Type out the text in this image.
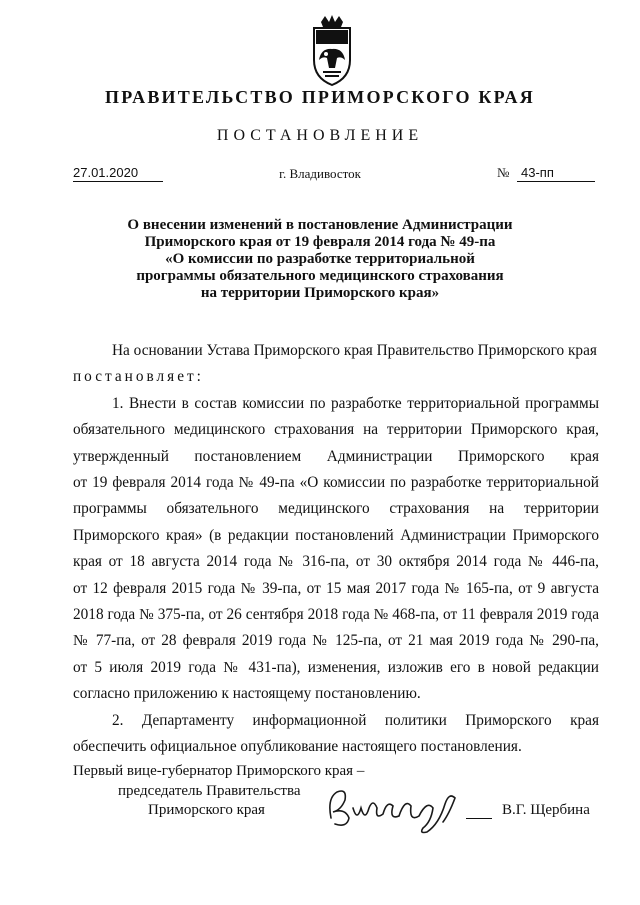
ПРАВИТЕЛЬСТВО ПРИМОРСКОГО КРАЯ
ПОСТАНОВЛЕНИЕ
27.01.2020	г. Владивосток	№ 43-пп
О внесении изменений в постановление Администрации
Приморского края от 19 февраля 2014 года № 49-па
«О комиссии по разработке территориальной
программы обязательного медицинского страхования
на территории Приморского края»
На основании Устава Приморского края Правительство Приморского края
постановляет:
1. Внести в состав комиссии по разработке территориальной программы
обязательного медицинского страхования на территории Приморского края,
утвержденный постановлением Администрации Приморского края
от 19 февраля 2014 года № 49-па «О комиссии по разработке территориальной
программы обязательного медицинского страхования на территории
Приморского края» (в редакции постановлений Администрации Приморского
края от 18 августа 2014 года № 316-па, от 30 октября 2014 года № 446-па,
от 12 февраля 2015 года № 39-па, от 15 мая 2017 года № 165-па, от 9 августа
2018 года № 375-па, от 26 сентября 2018 года № 468-па, от 11 февраля 2019 года
№ 77-па, от 28 февраля 2019 года № 125-па, от 21 мая 2019 года № 290-па,
от 5 июля 2019 года № 431-па), изменения, изложив его в новой редакции
согласно приложению к настоящему постановлению.
2. Департаменту информационной политики Приморского края
обеспечить официальное опубликование настоящего постановления.
Первый вице-губернатор Приморского края –
председатель Правительства
Приморского края	В.Г. Щербина
